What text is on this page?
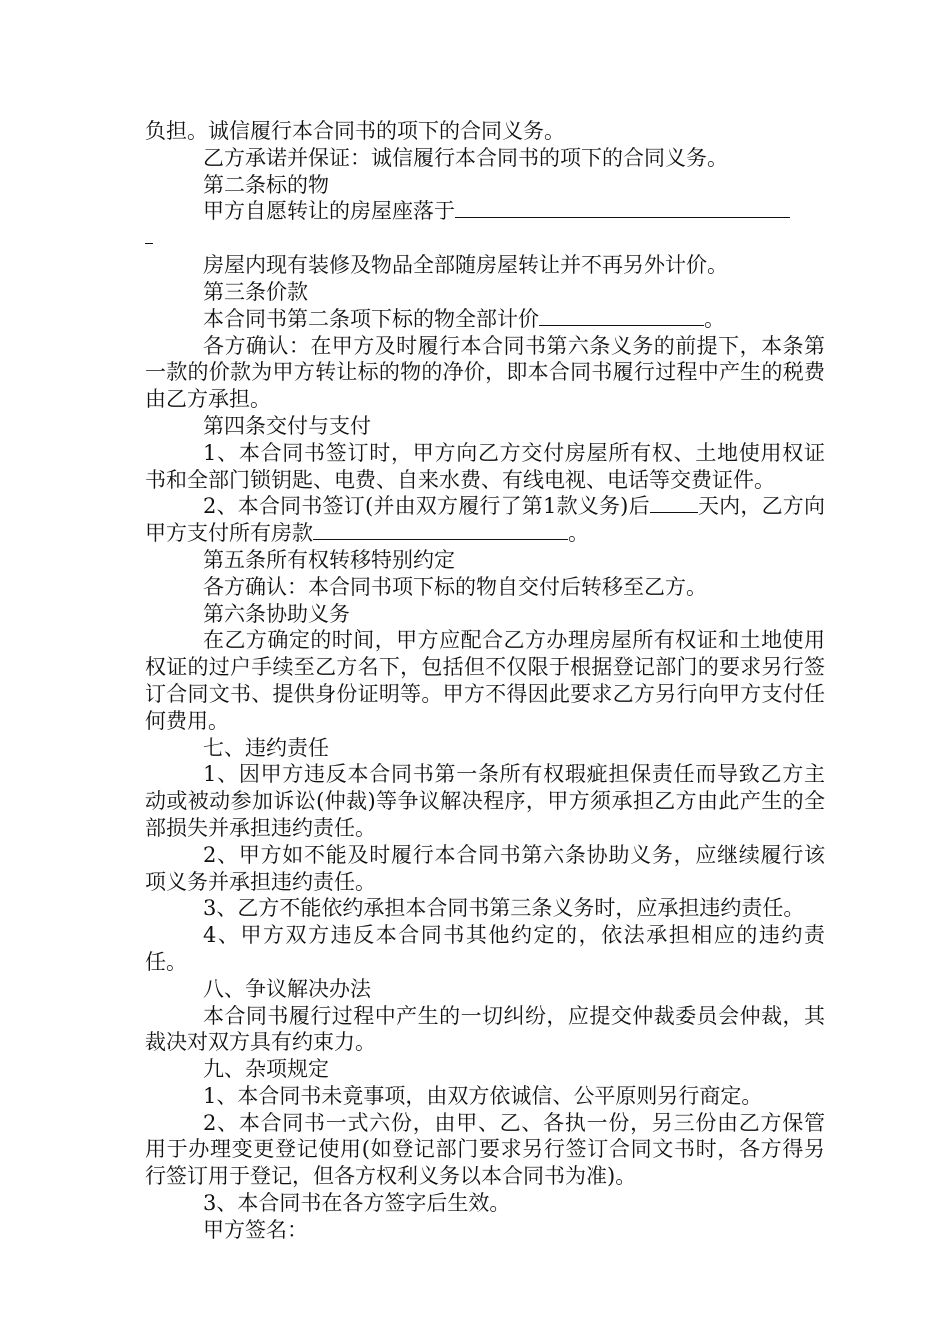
负担。诚信履行本合同书的项下的合同义务。

乙方承诺并保证：诚信履行本合同书的项下的合同义务。

第二条标的物

甲方自愿转让的房屋座落于

房屋内现有装修及物品全部随房屋转让并不再另外计价。

第三条价款

本合同书第二条项下标的物全部计价	。

各方确认：在甲方及时履行本合同书第六条义务的前提下，本条第一款的价款为甲方转让标的物的净价，即本合同书履行过程中产生的税费由乙方承担。

第四条交付与支付

1、本合同书签订时，甲方向乙方交付房屋所有权、土地使用权证书和全部门锁钥匙、电费、自来水费、有线电视、电话等交费证件。

2、本合同书签订(并由双方履行了第1款义务)后 天内，乙方向甲方支付所有房款	。

第五条所有权转移特别约定

各方确认：本合同书项下标的物自交付后转移至乙方。

第六条协助义务

在乙方确定的时间，甲方应配合乙方办理房屋所有权证和土地使用权证的过户手续至乙方名下，包括但不仅限于根据登记部门的要求另行签订合同文书、提供身份证明等。甲方不得因此要求乙方另行向甲方支付任何费用。

七、违约责任

1、因甲方违反本合同书第一条所有权瑕疵担保责任而导致乙方主动或被动参加诉讼(仲裁)等争议解决程序，甲方须承担乙方由此产生的全部损失并承担违约责任。

2、甲方如不能及时履行本合同书第六条协助义务，应继续履行该项义务并承担违约责任。

3、乙方不能依约承担本合同书第三条义务时，应承担违约责任。

4、甲方双方违反本合同书其他约定的，依法承担相应的违约责任。

八、争议解决办法

本合同书履行过程中产生的一切纠纷，应提交仲裁委员会仲裁，其裁决对双方具有约束力。

九、杂项规定

1、本合同书未竟事项，由双方依诚信、公平原则另行商定。

2、本合同书一式六份，由甲、乙、各执一份，另三份由乙方保管用于办理变更登记使用(如登记部门要求另行签订合同文书时，各方得另行签订用于登记，但各方权利义务以本合同书为准)。

3、本合同书在各方签字后生效。

甲方签名：
